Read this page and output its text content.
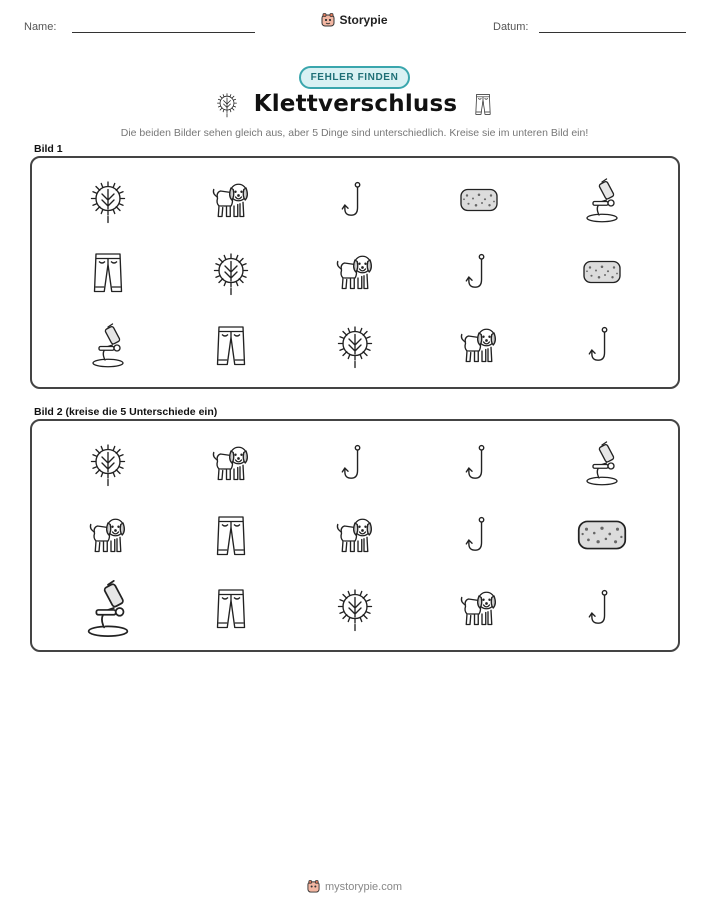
Name:	Storypie	Datum:
FEHLER FINDEN
Klettverschluss
Die beiden Bilder sehen gleich aus, aber 5 Dinge sind unterschiedlich. Kreise sie im unteren Bild ein!
Bild 1
Bild 2 (kreise die 5 Unterschiede ein)
mystorypie.com
